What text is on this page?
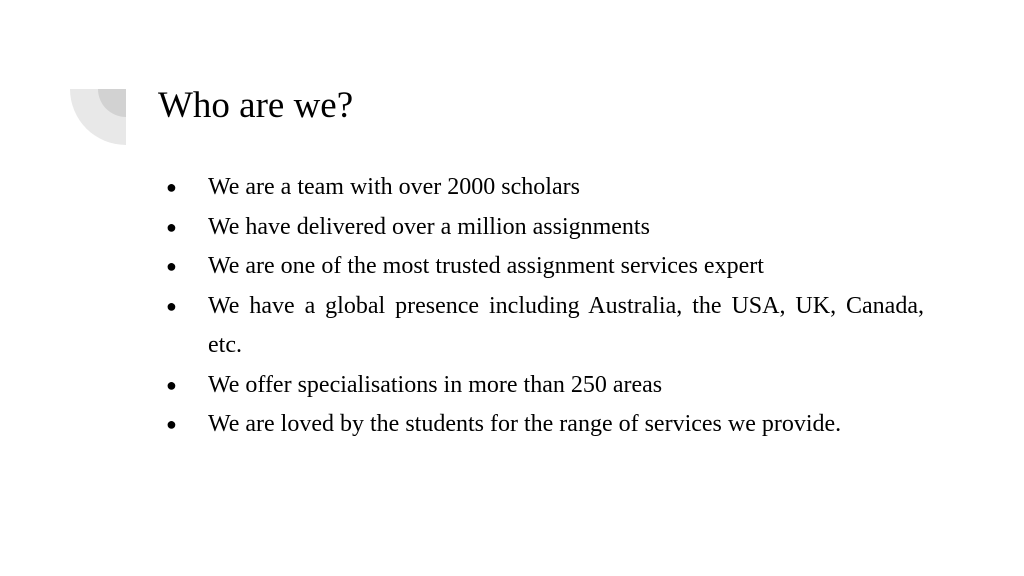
Who are we?
● We are a team with over 2000 scholars
● We have delivered over a million assignments
● We are one of the most trusted assignment services expert
● We have a global presence including Australia, the USA, UK, Canada, etc.
● We offer specialisations in more than 250 areas
● We are loved by the students for the range of services we provide.
